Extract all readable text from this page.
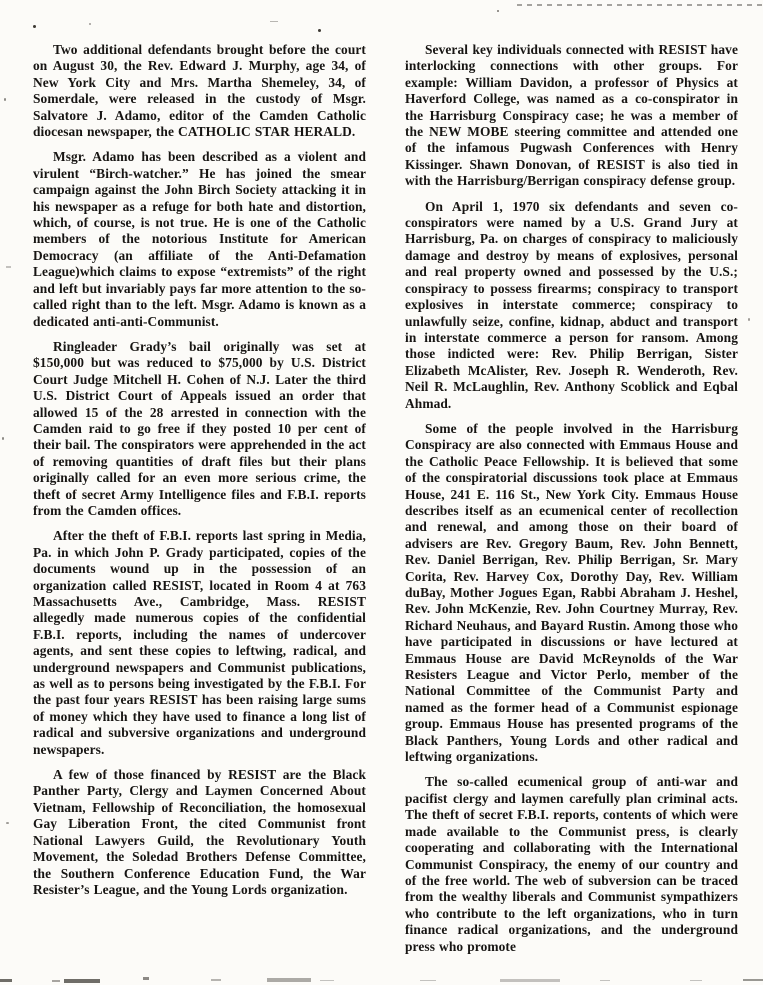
Two additional defendants brought before the court on August 30, the Rev. Edward J. Murphy, age 34, of New York City and Mrs. Martha Shemeley, 34, of Somerdale, were released in the custody of Msgr. Salvatore J. Adamo, editor of the Camden Catholic diocesan newspaper, the CATHOLIC STAR HERALD.

Msgr. Adamo has been described as a violent and virulent “Birch-watcher.” He has joined the smear campaign against the John Birch Society attacking it in his newspaper as a refuge for both hate and distortion, which, of course, is not true. He is one of the Catholic members of the notorious Institute for American Democracy (an affiliate of the Anti-Defamation League)which claims to expose “extremists” of the right and left but invariably pays far more attention to the so-called right than to the left. Msgr. Adamo is known as a dedicated anti-anti-Communist.

Ringleader Grady’s bail originally was set at $150,000 but was reduced to $75,000 by U.S. District Court Judge Mitchell H. Cohen of N.J. Later the third U.S. District Court of Appeals issued an order that allowed 15 of the 28 arrested in connection with the Camden raid to go free if they posted 10 per cent of their bail. The conspirators were apprehended in the act of removing quantities of draft files but their plans originally called for an even more serious crime, the theft of secret Army Intelligence files and F.B.I. reports from the Camden offices.

After the theft of F.B.I. reports last spring in Media, Pa. in which John P. Grady participated, copies of the documents wound up in the possession of an organization called RESIST, located in Room 4 at 763 Massachusetts Ave., Cambridge, Mass. RESIST allegedly made numerous copies of the confidential F.B.I. reports, including the names of undercover agents, and sent these copies to leftwing, radical, and underground newspapers and Communist publications, as well as to persons being investigated by the F.B.I. For the past four years RESIST has been raising large sums of money which they have used to finance a long list of radical and subversive organizations and underground newspapers.

A few of those financed by RESIST are the Black Panther Party, Clergy and Laymen Concerned About Vietnam, Fellowship of Reconciliation, the homosexual Gay Liberation Front, the cited Communist front National Lawyers Guild, the Revolutionary Youth Movement, the Soledad Brothers Defense Committee, the Southern Conference Education Fund, the War Resister’s League, and the Young Lords organization.

Several key individuals connected with RESIST have interlocking connections with other groups. For example: William Davidon, a professor of Physics at Haverford College, was named as a co-conspirator in the Harrisburg Conspiracy case; he was a member of the NEW MOBE steering committee and attended one of the infamous Pugwash Conferences with Henry Kissinger. Shawn Donovan, of RESIST is also tied in with the Harrisburg/Berrigan conspiracy defense group.

On April 1, 1970 six defendants and seven co-conspirators were named by a U.S. Grand Jury at Harrisburg, Pa. on charges of conspiracy to maliciously damage and destroy by means of explosives, personal and real property owned and possessed by the U.S.; conspiracy to possess firearms; conspiracy to transport explosives in interstate commerce; conspiracy to unlawfully seize, confine, kidnap, abduct and transport in interstate commerce a person for ransom. Among those indicted were: Rev. Philip Berrigan, Sister Elizabeth McAlister, Rev. Joseph R. Wenderoth, Rev. Neil R. McLaughlin, Rev. Anthony Scoblick and Eqbal Ahmad.

Some of the people involved in the Harrisburg Conspiracy are also connected with Emmaus House and the Catholic Peace Fellowship. It is believed that some of the conspiratorial discussions took place at Emmaus House, 241 E. 116 St., New York City. Emmaus House describes itself as an ecumenical center of recollection and renewal, and among those on their board of advisers are Rev. Gregory Baum, Rev. John Bennett, Rev. Daniel Berrigan, Rev. Philip Berrigan, Sr. Mary Corita, Rev. Harvey Cox, Dorothy Day, Rev. William duBay, Mother Jogues Egan, Rabbi Abraham J. Heshel, Rev. John McKenzie, Rev. John Courtney Murray, Rev. Richard Neuhaus, and Bayard Rustin. Among those who have participated in discussions or have lectured at Emmaus House are David McReynolds of the War Resisters League and Victor Perlo, member of the National Committee of the Communist Party and named as the former head of a Communist espionage group. Emmaus House has presented programs of the Black Panthers, Young Lords and other radical and leftwing organizations.

The so-called ecumenical group of anti-war and pacifist clergy and laymen carefully plan criminal acts. The theft of secret F.B.I. reports, contents of which were made available to the Communist press, is clearly cooperating and collaborating with the International Communist Conspiracy, the enemy of our country and of the free world. The web of subversion can be traced from the wealthy liberals and Communist sympathizers who contribute to the left organizations, who in turn finance radical organizations, and the underground press who promote
